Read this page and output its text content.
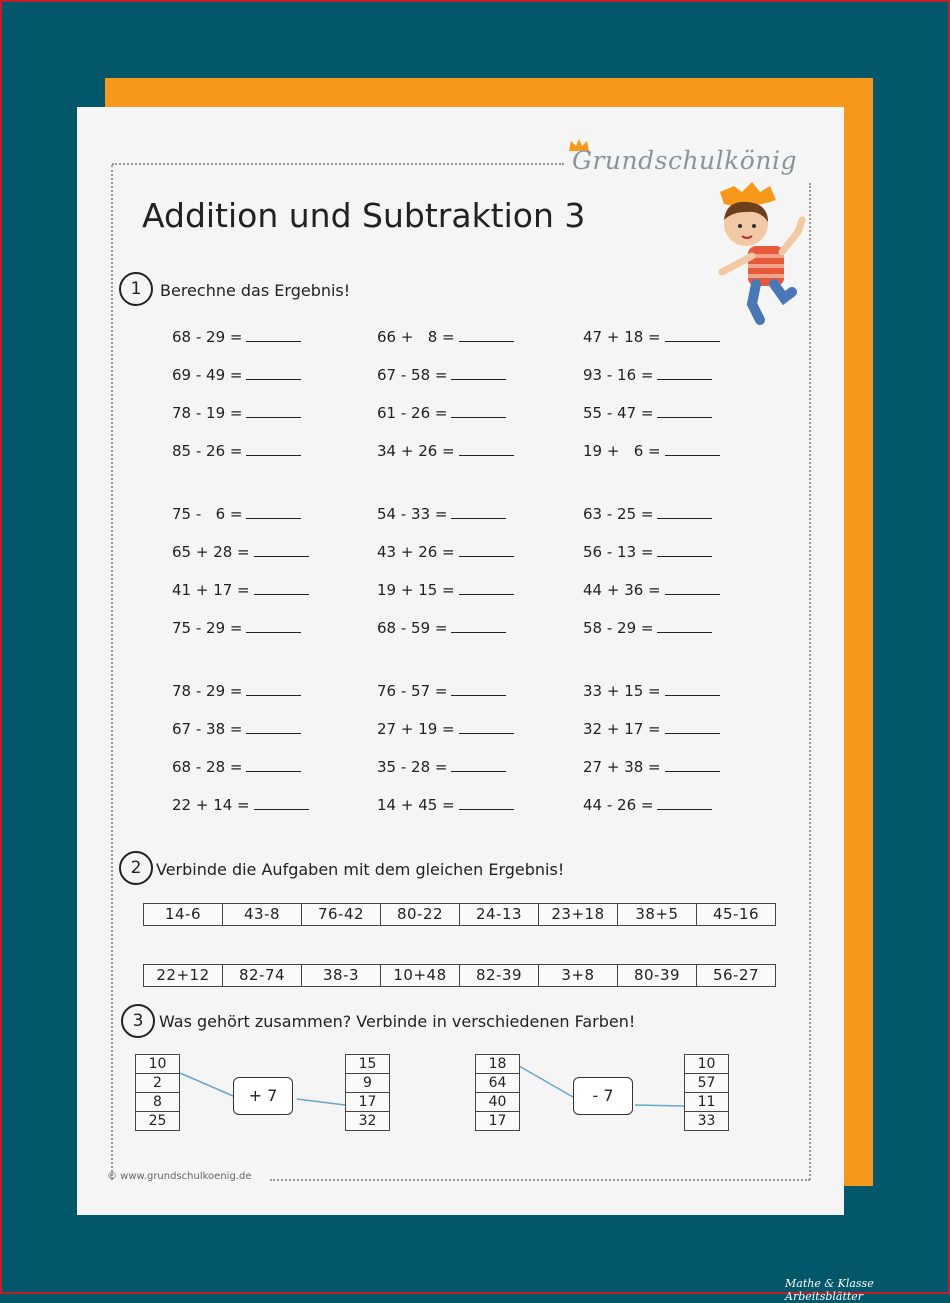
Grundschulkönig
Addition und Subtraktion 3
1	Berechne das Ergebnis!
68 - 29 =	66 +   8 =	47 + 18 =
69 - 49 =	67 - 58 =	93 - 16 =
78 - 19 =	61 - 26 =	55 - 47 =
85 - 26 =	34 + 26 =	19 +   6 =
75 -   6 =	54 - 33 =	63 - 25 =
65 + 28 =	43 + 26 =	56 - 13 =
41 + 17 =	19 + 15 =	44 + 36 =
75 - 29 =	68 - 59 =	58 - 29 =
78 - 29 =	76 - 57 =	33 + 15 =
67 - 38 =	27 + 19 =	32 + 17 =
68 - 28 =	35 - 28 =	27 + 38 =
22 + 14 =	14 + 45 =	44 - 26 =
2 Verbinde die Aufgaben mit dem gleichen Ergebnis!
14-6	43-8	76-42	80-22	24-13	23+18	38+5	45-16
22+12	82-74	38-3	10+48	82-39	3+8	80-39	56-27
3 Was gehört zusammen? Verbinde in verschiedenen Farben!
10
2
8
25
+ 7
15
9
17
32
18
64
40
17
- 7
10
57
11
33
© www.grundschulkoenig.de
Mathe & Klasse Arbeitsblätter
